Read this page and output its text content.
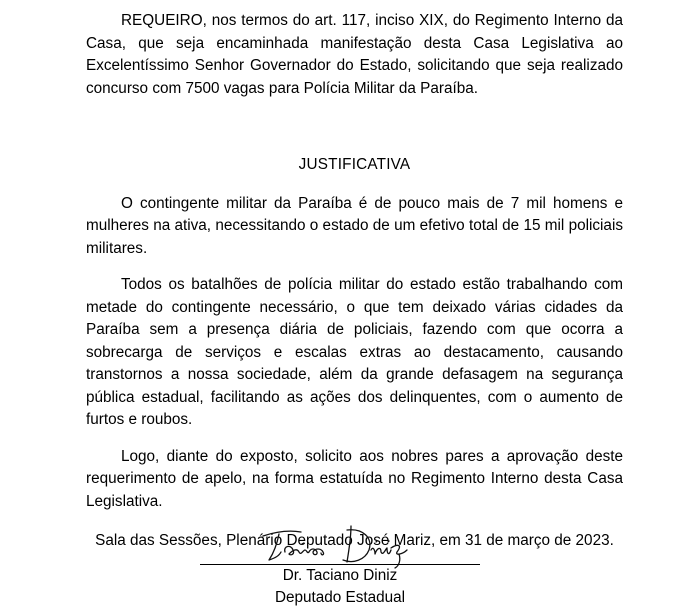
REQUEIRO, nos termos do art. 117, inciso XIX, do Regimento Interno da Casa, que seja encaminhada manifestação desta Casa Legislativa ao Excelentíssimo Senhor Governador do Estado, solicitando que seja realizado concurso com 7500 vagas para Polícia Militar da Paraíba.

JUSTIFICATIVA

O contingente militar da Paraíba é de pouco mais de 7 mil homens e mulheres na ativa, necessitando o estado de um efetivo total de 15 mil policiais militares.

Todos os batalhões de polícia militar do estado estão trabalhando com metade do contingente necessário, o que tem deixado várias cidades da Paraíba sem a presença diária de policiais, fazendo com que ocorra a sobrecarga de serviços e escalas extras ao destacamento, causando transtornos a nossa sociedade, além da grande defasagem na segurança pública estadual, facilitando as ações dos delinquentes, com o aumento de furtos e roubos.

Logo, diante do exposto, solicito aos nobres pares a aprovação deste requerimento de apelo, na forma estatuída no Regimento Interno desta Casa Legislativa.

Sala das Sessões, Plenário Deputado José Mariz, em 31 de março de 2023.

Dr. Taciano Diniz
Deputado Estadual
